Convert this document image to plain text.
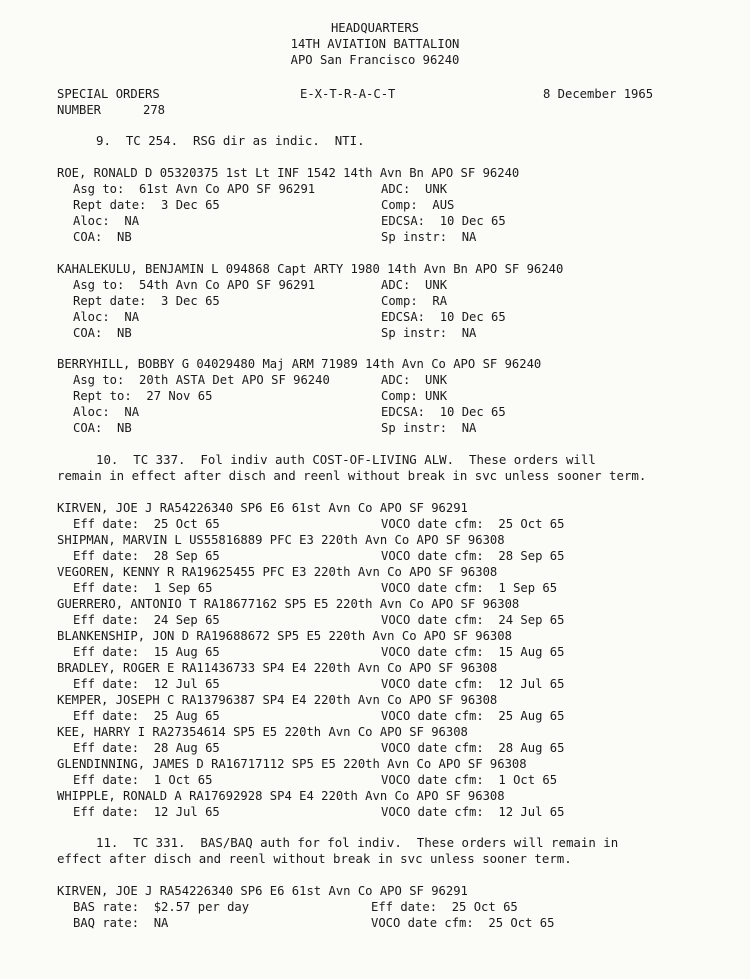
HEADQUARTERS
14TH AVIATION BATTALION
APO San Francisco 96240
SPECIAL ORDERS	E-X-T-R-A-C-T	8 December 1965
NUMBER	278
9.  TC 254.  RSG dir as indic.  NTI.
ROE, RONALD D 05320375 1st Lt INF 1542 14th Avn Bn APO SF 96240
Asg to:  61st Avn Co APO SF 96291	ADC:  UNK
Rept date:  3 Dec 65	Comp:  AUS
Aloc:  NA	EDCSA:  10 Dec 65
COA:  NB	Sp instr:  NA
KAHALEKULU, BENJAMIN L 094868 Capt ARTY 1980 14th Avn Bn APO SF 96240
Asg to:  54th Avn Co APO SF 96291	ADC:  UNK
Rept date:  3 Dec 65	Comp:  RA
Aloc:  NA	EDCSA:  10 Dec 65
COA:  NB	Sp instr:  NA
BERRYHILL, BOBBY G 04029480 Maj ARM 71989 14th Avn Co APO SF 96240
Asg to:  20th ASTA Det APO SF 96240	ADC:  UNK
Rept to:  27 Nov 65	Comp: UNK
Aloc:  NA	EDCSA:  10 Dec 65
COA:  NB	Sp instr:  NA
10.  TC 337.  Fol indiv auth COST-OF-LIVING ALW.  These orders will
remain in effect after disch and reenl without break in svc unless sooner term.
KIRVEN, JOE J RA54226340 SP6 E6 61st Avn Co APO SF 96291
Eff date:  25 Oct 65	VOCO date cfm:  25 Oct 65
SHIPMAN, MARVIN L US55816889 PFC E3 220th Avn Co APO SF 96308
Eff date:  28 Sep 65	VOCO date cfm:  28 Sep 65
VEGOREN, KENNY R RA19625455 PFC E3 220th Avn Co APO SF 96308
Eff date:  1 Sep 65	VOCO date cfm:  1 Sep 65
GUERRERO, ANTONIO T RA18677162 SP5 E5 220th Avn Co APO SF 96308
Eff date:  24 Sep 65	VOCO date cfm:  24 Sep 65
BLANKENSHIP, JON D RA19688672 SP5 E5 220th Avn Co APO SF 96308
Eff date:  15 Aug 65	VOCO date cfm:  15 Aug 65
BRADLEY, ROGER E RA11436733 SP4 E4 220th Avn Co APO SF 96308
Eff date:  12 Jul 65	VOCO date cfm:  12 Jul 65
KEMPER, JOSEPH C RA13796387 SP4 E4 220th Avn Co APO SF 96308
Eff date:  25 Aug 65	VOCO date cfm:  25 Aug 65
KEE, HARRY I RA27354614 SP5 E5 220th Avn Co APO SF 96308
Eff date:  28 Aug 65	VOCO date cfm:  28 Aug 65
GLENDINNING, JAMES D RA16717112 SP5 E5 220th Avn Co APO SF 96308
Eff date:  1 Oct 65	VOCO date cfm:  1 Oct 65
WHIPPLE, RONALD A RA17692928 SP4 E4 220th Avn Co APO SF 96308
Eff date:  12 Jul 65	VOCO date cfm:  12 Jul 65
11.  TC 331.  BAS/BAQ auth for fol indiv.  These orders will remain in
effect after disch and reenl without break in svc unless sooner term.
KIRVEN, JOE J RA54226340 SP6 E6 61st Avn Co APO SF 96291
BAS rate:  $2.57 per day	Eff date:  25 Oct 65
BAQ rate:  NA	VOCO date cfm:  25 Oct 65
